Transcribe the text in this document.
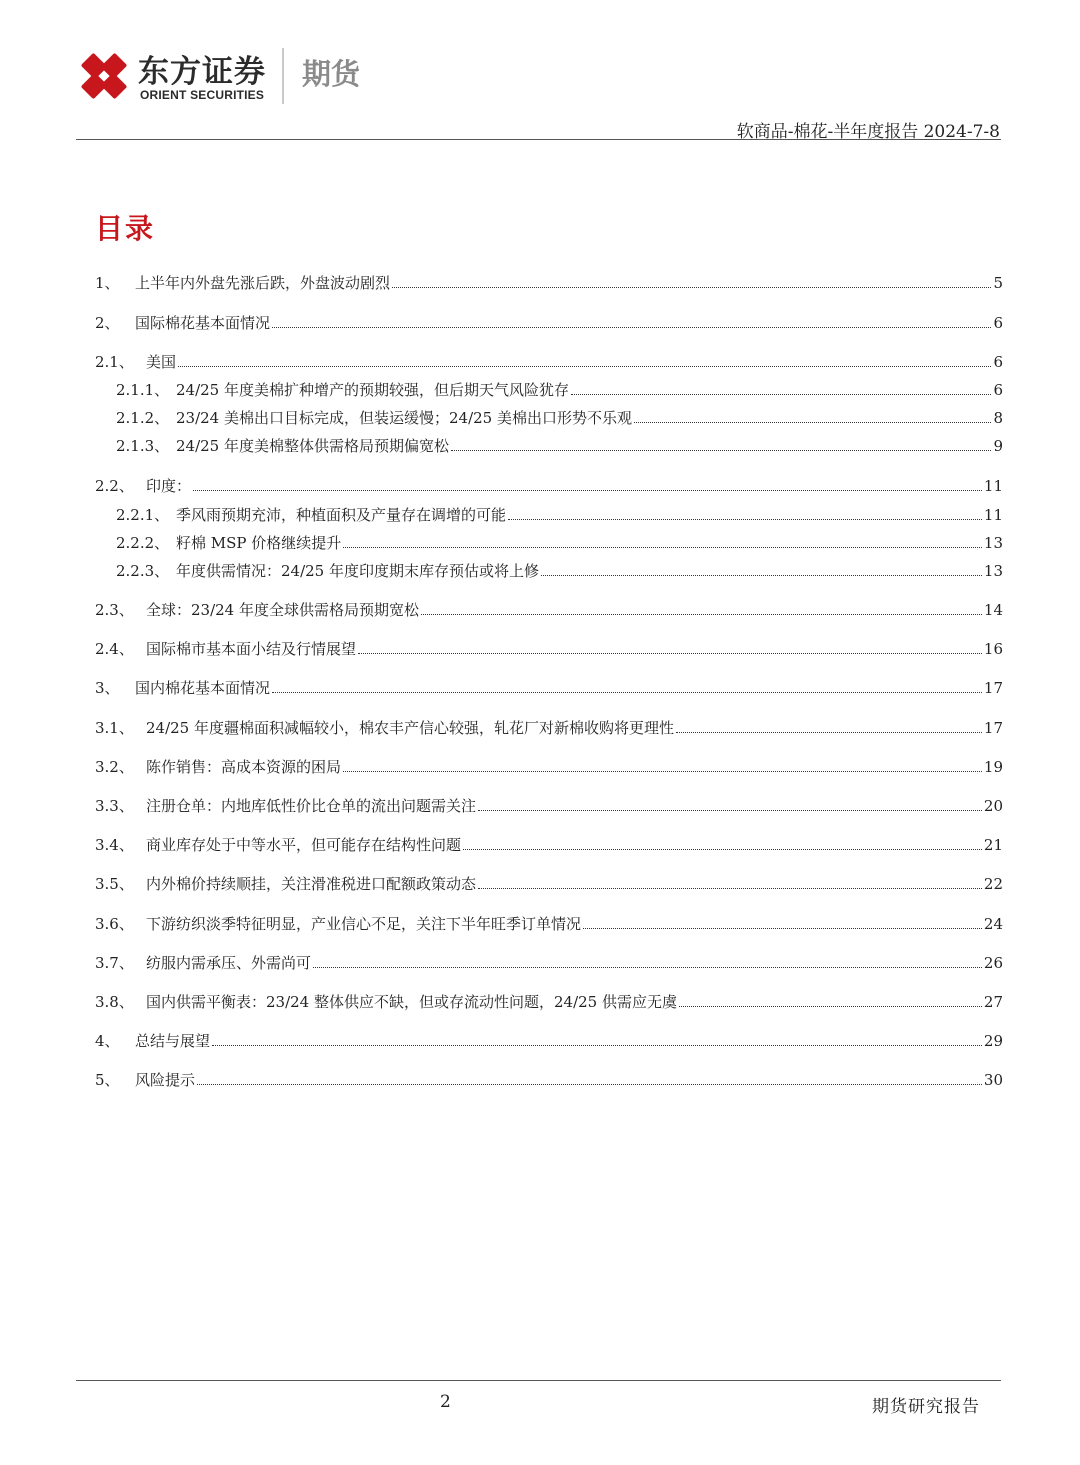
东方证券
ORIENT SECURITIES
期货
软商品-棉花-半年度报告 2024-7-8
目录
1、	上半年内外盘先涨后跌，外盘波动剧烈	5
2、	国际棉花基本面情况	6
2.1、 美国	6
2.1.1、 24/25 年度美棉扩种增产的预期较强，但后期天气风险犹存	6
2.1.2、 23/24 美棉出口目标完成，但装运缓慢；24/25 美棉出口形势不乐观	8
2.1.3、 24/25 年度美棉整体供需格局预期偏宽松	9
2.2、 印度：	11
2.2.1、 季风雨预期充沛，种植面积及产量存在调增的可能	11
2.2.2、 籽棉 MSP 价格继续提升	13
2.2.3、 年度供需情况：24/25 年度印度期末库存预估或将上修	13
2.3、 全球：23/24 年度全球供需格局预期宽松	14
2.4、 国际棉市基本面小结及行情展望	16
3、	国内棉花基本面情况	17
3.1、 24/25 年度疆棉面积减幅较小，棉农丰产信心较强，轧花厂对新棉收购将更理性	17
3.2、 陈作销售：高成本资源的困局	19
3.3、 注册仓单：内地库低性价比仓单的流出问题需关注	20
3.4、 商业库存处于中等水平，但可能存在结构性问题	21
3.5、 内外棉价持续顺挂，关注滑准税进口配额政策动态	22
3.6、 下游纺织淡季特征明显，产业信心不足，关注下半年旺季订单情况	24
3.7、 纺服内需承压、外需尚可	26
3.8、 国内供需平衡表：23/24 整体供应不缺，但或存流动性问题，24/25 供需应无虞	27
4、	总结与展望	29
5、	风险提示	30
2	期货研究报告
